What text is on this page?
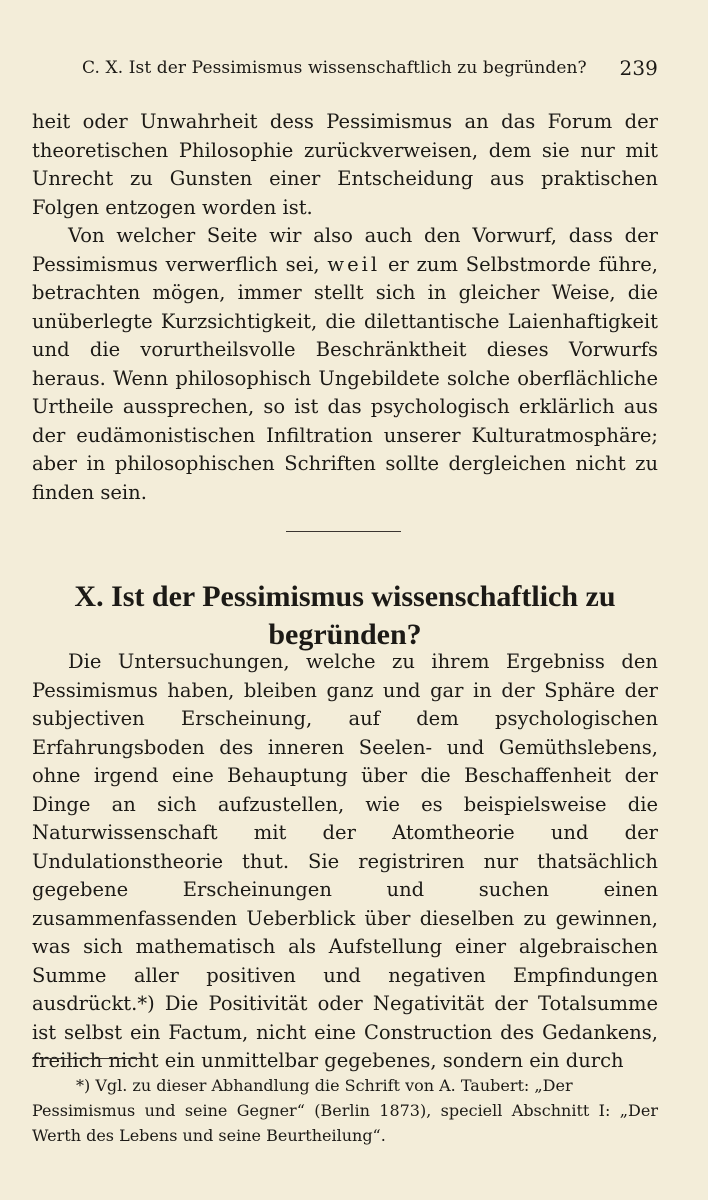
C. X. Ist der Pessimismus wissenschaftlich zu begründen? 239

heit oder Unwahrheit dess Pessimismus an das Forum der theoretischen Philosophie zurückverweisen, dem sie nur mit Unrecht zu Gunsten einer Entscheidung aus praktischen Folgen entzogen worden ist.

Von welcher Seite wir also auch den Vorwurf, dass der Pessimismus verwerflich sei, weil er zum Selbstmorde führe, betrachten mögen, immer stellt sich in gleicher Weise, die unüberlegte Kurzsichtigkeit, die dilettantische Laienhaftigkeit und die vorurtheilsvolle Beschränktheit dieses Vorwurfs heraus. Wenn philosophisch Ungebildete solche oberflächliche Urtheile aussprechen, so ist das psychologisch erklärlich aus der eudämonistischen Infiltration unserer Kulturatmosphäre; aber in philosophischen Schriften sollte dergleichen nicht zu finden sein.

X. Ist der Pessimismus wissenschaftlich zu begründen?

Die Untersuchungen, welche zu ihrem Ergebniss den Pessimismus haben, bleiben ganz und gar in der Sphäre der subjectiven Erscheinung, auf dem psychologischen Erfahrungsboden des inneren Seelen- und Gemüthslebens, ohne irgend eine Behauptung über die Beschaffenheit der Dinge an sich aufzustellen, wie es beispielsweise die Naturwissenschaft mit der Atomtheorie und der Undulationstheorie thut. Sie registriren nur thatsächlich gegebene Erscheinungen und suchen einen zusammenfassenden Ueberblick über dieselben zu gewinnen, was sich mathematisch als Aufstellung einer algebraischen Summe aller positiven und negativen Empfindungen ausdrückt.*) Die Positivität oder Negativität der Totalsumme ist selbst ein Factum, nicht eine Construction des Gedankens, freilich nicht ein unmittelbar gegebenes, sondern ein durch

*) Vgl. zu dieser Abhandlung die Schrift von A. Taubert: „Der
Pessimismus und seine Gegner“ (Berlin 1873), speciell Abschnitt I: „Der Werth des Lebens und seine Beurtheilung“.
